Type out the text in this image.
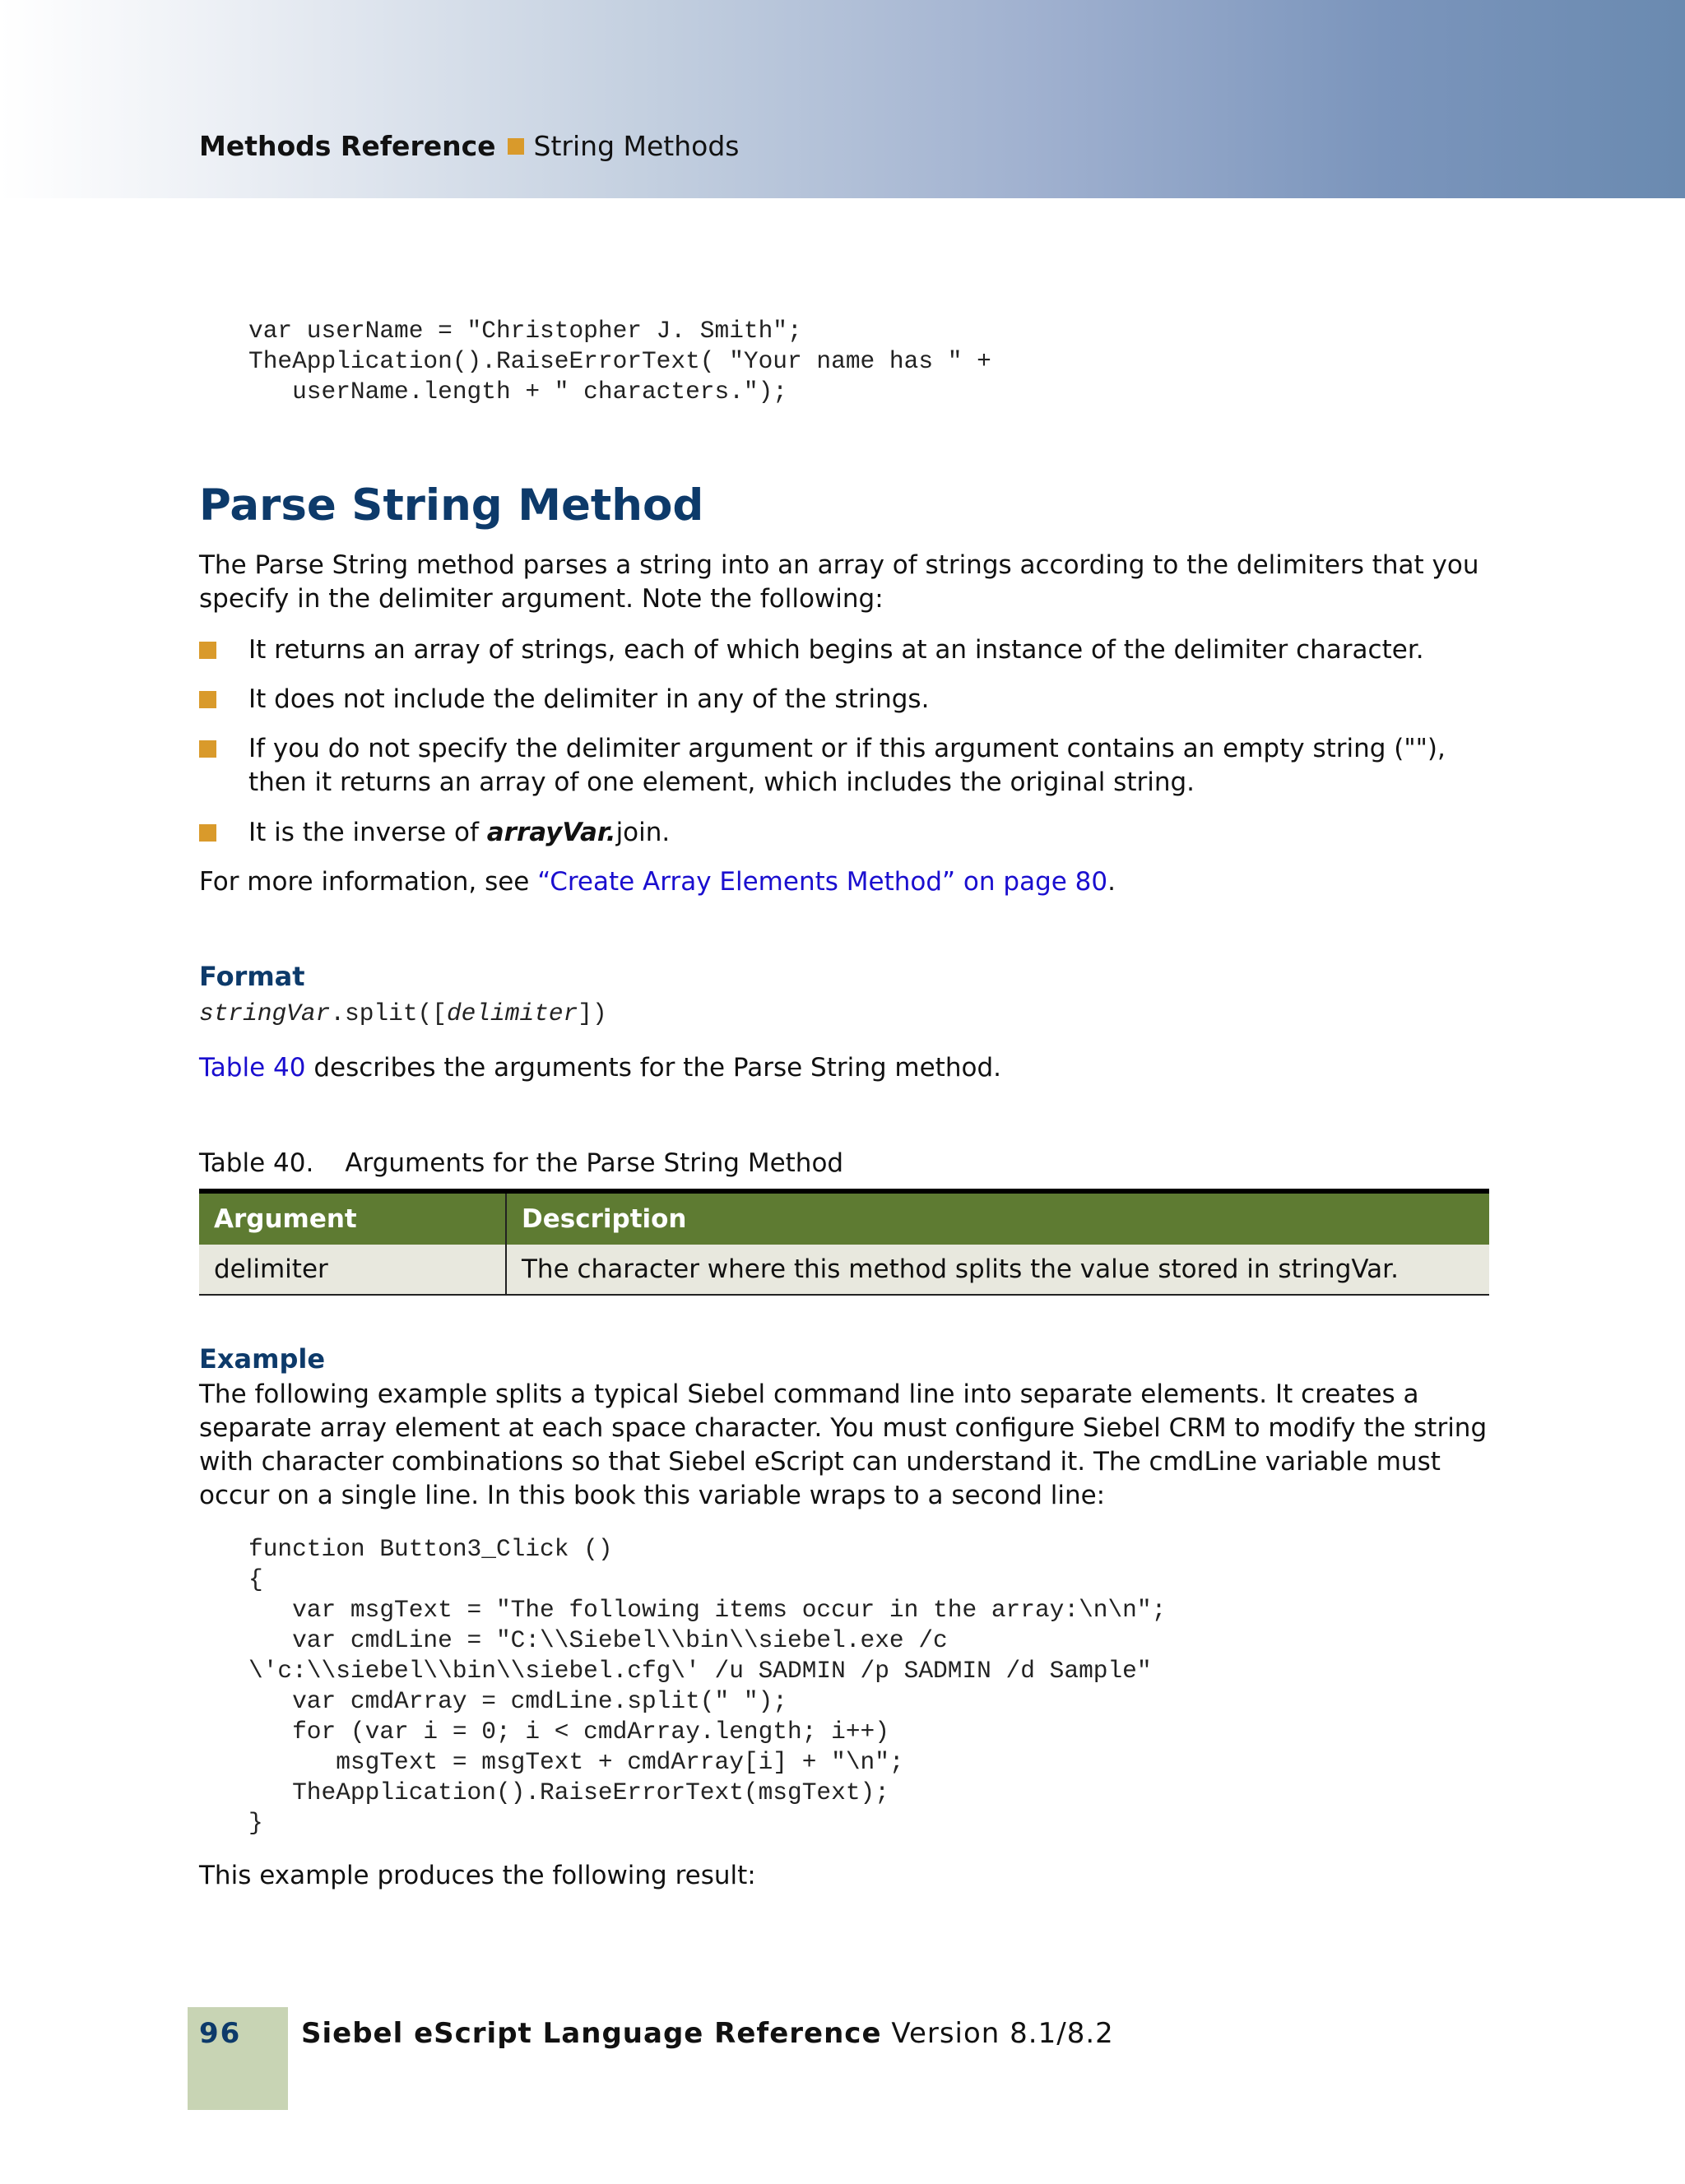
Methods Reference String Methods
var userName = "Christopher J. Smith";
TheApplication().RaiseErrorText( "Your name has " +
userName.length + " characters.");
Parse String Method

The Parse String method parses a string into an array of strings according to the delimiters that you specify in the delimiter argument. Note the following:

It returns an array of strings, each of which begins at an instance of the delimiter character.
It does not include the delimiter in any of the strings.
If you do not specify the delimiter argument or if this argument contains an empty string (""), then it returns an array of one element, which includes the original string.
It is the inverse of arrayVar.join.

For more information, see “Create Array Elements Method” on page 80.

Format
stringVar.split([delimiter])

Table 40 describes the arguments for the Parse String method.

Table 40. Arguments for the Parse String Method
Argument	Description
delimiter	The character where this method splits the value stored in stringVar.
Example

The following example splits a typical Siebel command line into separate elements. It creates a separate array element at each space character. You must configure Siebel CRM to modify the string with character combinations so that Siebel eScript can understand it. The cmdLine variable must occur on a single line. In this book this variable wraps to a second line:

function Button3_Click ()
{
var msgText = "The following items occur in the array:\n\n";
var cmdLine = "C:\\Siebel\\bin\\siebel.exe /c
\'c:\\siebel\\bin\\siebel.cfg\' /u SADMIN /p SADMIN /d Sample"
var cmdArray = cmdLine.split(" ");
for (var i = 0; i < cmdArray.length; i++)
msgText = msgText + cmdArray[i] + "\n";
TheApplication().RaiseErrorText(msgText);
}

This example produces the following result:

96 Siebel eScript Language Reference Version 8.1/8.2
